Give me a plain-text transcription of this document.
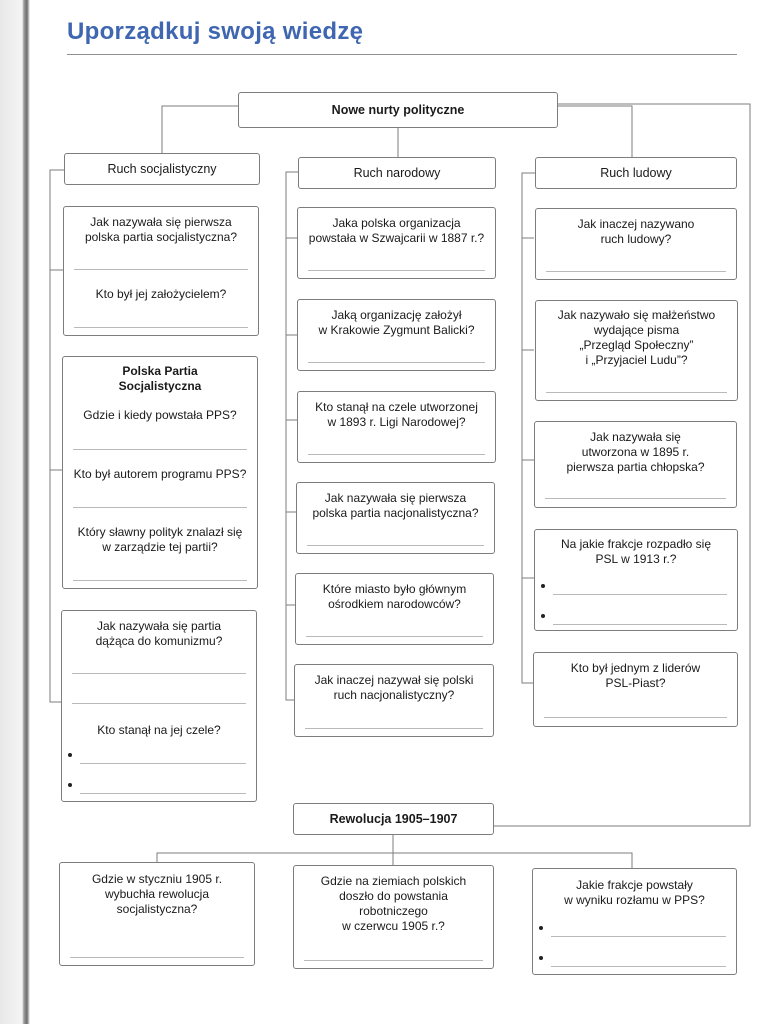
Uporządkuj swoją wiedzę
Nowe nurty polityczne
Ruch socjalistyczny	Ruch narodowy	Ruch ludowy
Jak nazywała się pierwsza
polska partia socjalistyczna?
Kto był jej założycielem?
Polska Partia
Socjalistyczna
Gdzie i kiedy powstała PPS?
Kto był autorem programu PPS?
Który sławny polityk znalazł się
w zarządzie tej partii?
Jak nazywała się partia
dążąca do komunizmu?
Kto stanął na jej czele?
Jaka polska organizacja
powstała w Szwajcarii w 1887 r.?
Jaką organizację założył
w Krakowie Zygmunt Balicki?
Kto stanął na czele utworzonej
w 1893 r. Ligi Narodowej?
Jak nazywała się pierwsza
polska partia nacjonalistyczna?
Które miasto było głównym
ośrodkiem narodowców?
Jak inaczej nazywał się polski
ruch nacjonalistyczny?
Jak inaczej nazywano
ruch ludowy?
Jak nazywało się małżeństwo
wydające pisma
„Przegląd Społeczny”
i „Przyjaciel Ludu”?
Jak nazywała się
utworzona w 1895 r.
pierwsza partia chłopska?
Na jakie frakcje rozpadło się
PSL w 1913 r.?
Kto był jednym z liderów
PSL-Piast?
Rewolucja 1905–1907
Gdzie w styczniu 1905 r.
wybuchła rewolucja
socjalistyczna?
Gdzie na ziemiach polskich
doszło do powstania
robotniczego
w czerwcu 1905 r.?
Jakie frakcje powstały
w wyniku rozłamu w PPS?
